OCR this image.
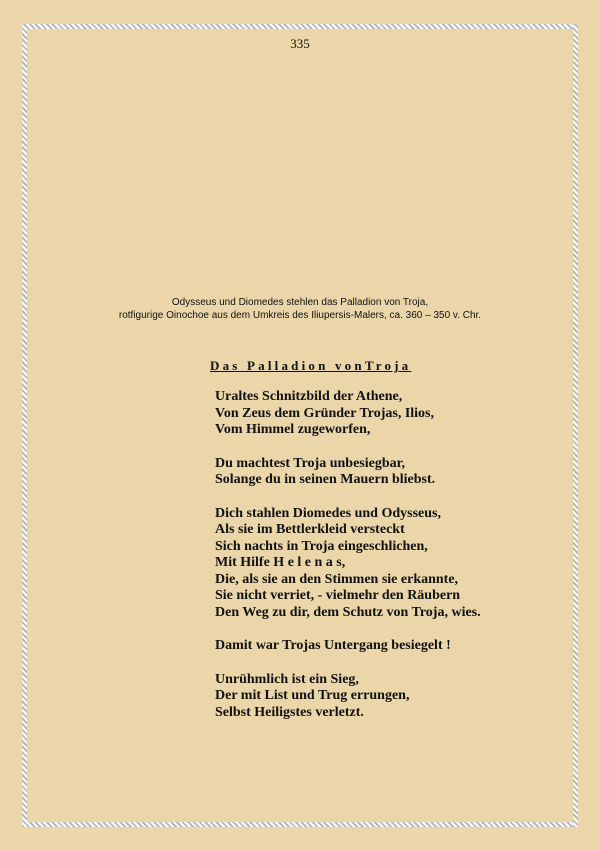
335
Odysseus und Diomedes stehlen das Palladion von Troja,
rotfigurige Oinochoe aus dem Umkreis des Iliupersis-Malers, ca. 360 – 350 v. Chr.
Das Palladion vonTroja
Uraltes Schnitzbild der Athene,
Von Zeus dem Gründer Trojas, Ilios,
Vom Himmel zugeworfen,
Du machtest Troja unbesiegbar,
Solange du in seinen Mauern bliebst.
Dich stahlen Diomedes und Odysseus,
Als sie im Bettlerkleid versteckt
Sich nachts in Troja eingeschlichen,
Mit Hilfe H e l e n a s,
Die, als sie an den Stimmen sie erkannte,
Sie nicht verriet, - vielmehr den Räubern
Den Weg zu dir, dem Schutz von Troja, wies.
Damit war Trojas Untergang besiegelt !
Unrühmlich ist ein Sieg,
Der mit List und Trug errungen,
Selbst Heiligstes verletzt.
